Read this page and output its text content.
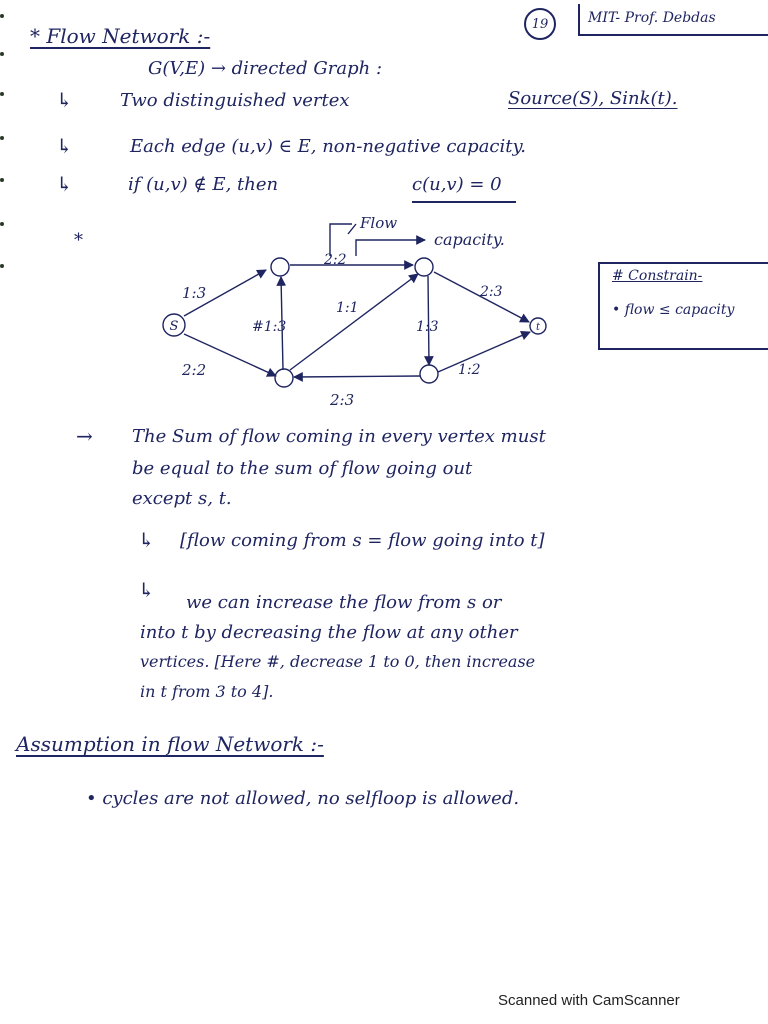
19	MIT- Prof. Debdas
* Flow Network :-
G(V,E) → directed Graph :
↳	Two distinguished vertex	Source(S), Sink(t).
↳	Each edge (u,v) ∈ E, non-negative capacity.
↳	if (u,v) ∉ E, then	c(u,v) = 0
*
Flow
capacity.
S	t
1:3
2:2
#1:3
1:1
2:2
1:3
2:3
2:3
1:2
# Constrain-
• flow ≤ capacity
→ The Sum of flow coming in every vertex must
be equal to the sum of flow going out
except s, t.
↳ [flow coming from s = flow going into t]
↳
we can increase the flow from s or
into t by decreasing the flow at any other
vertices. [Here #, decrease 1 to 0, then increase
in t from 3 to 4].
Assumption in flow Network :-
• cycles are not allowed, no selfloop is allowed.
Scanned with CamScanner
